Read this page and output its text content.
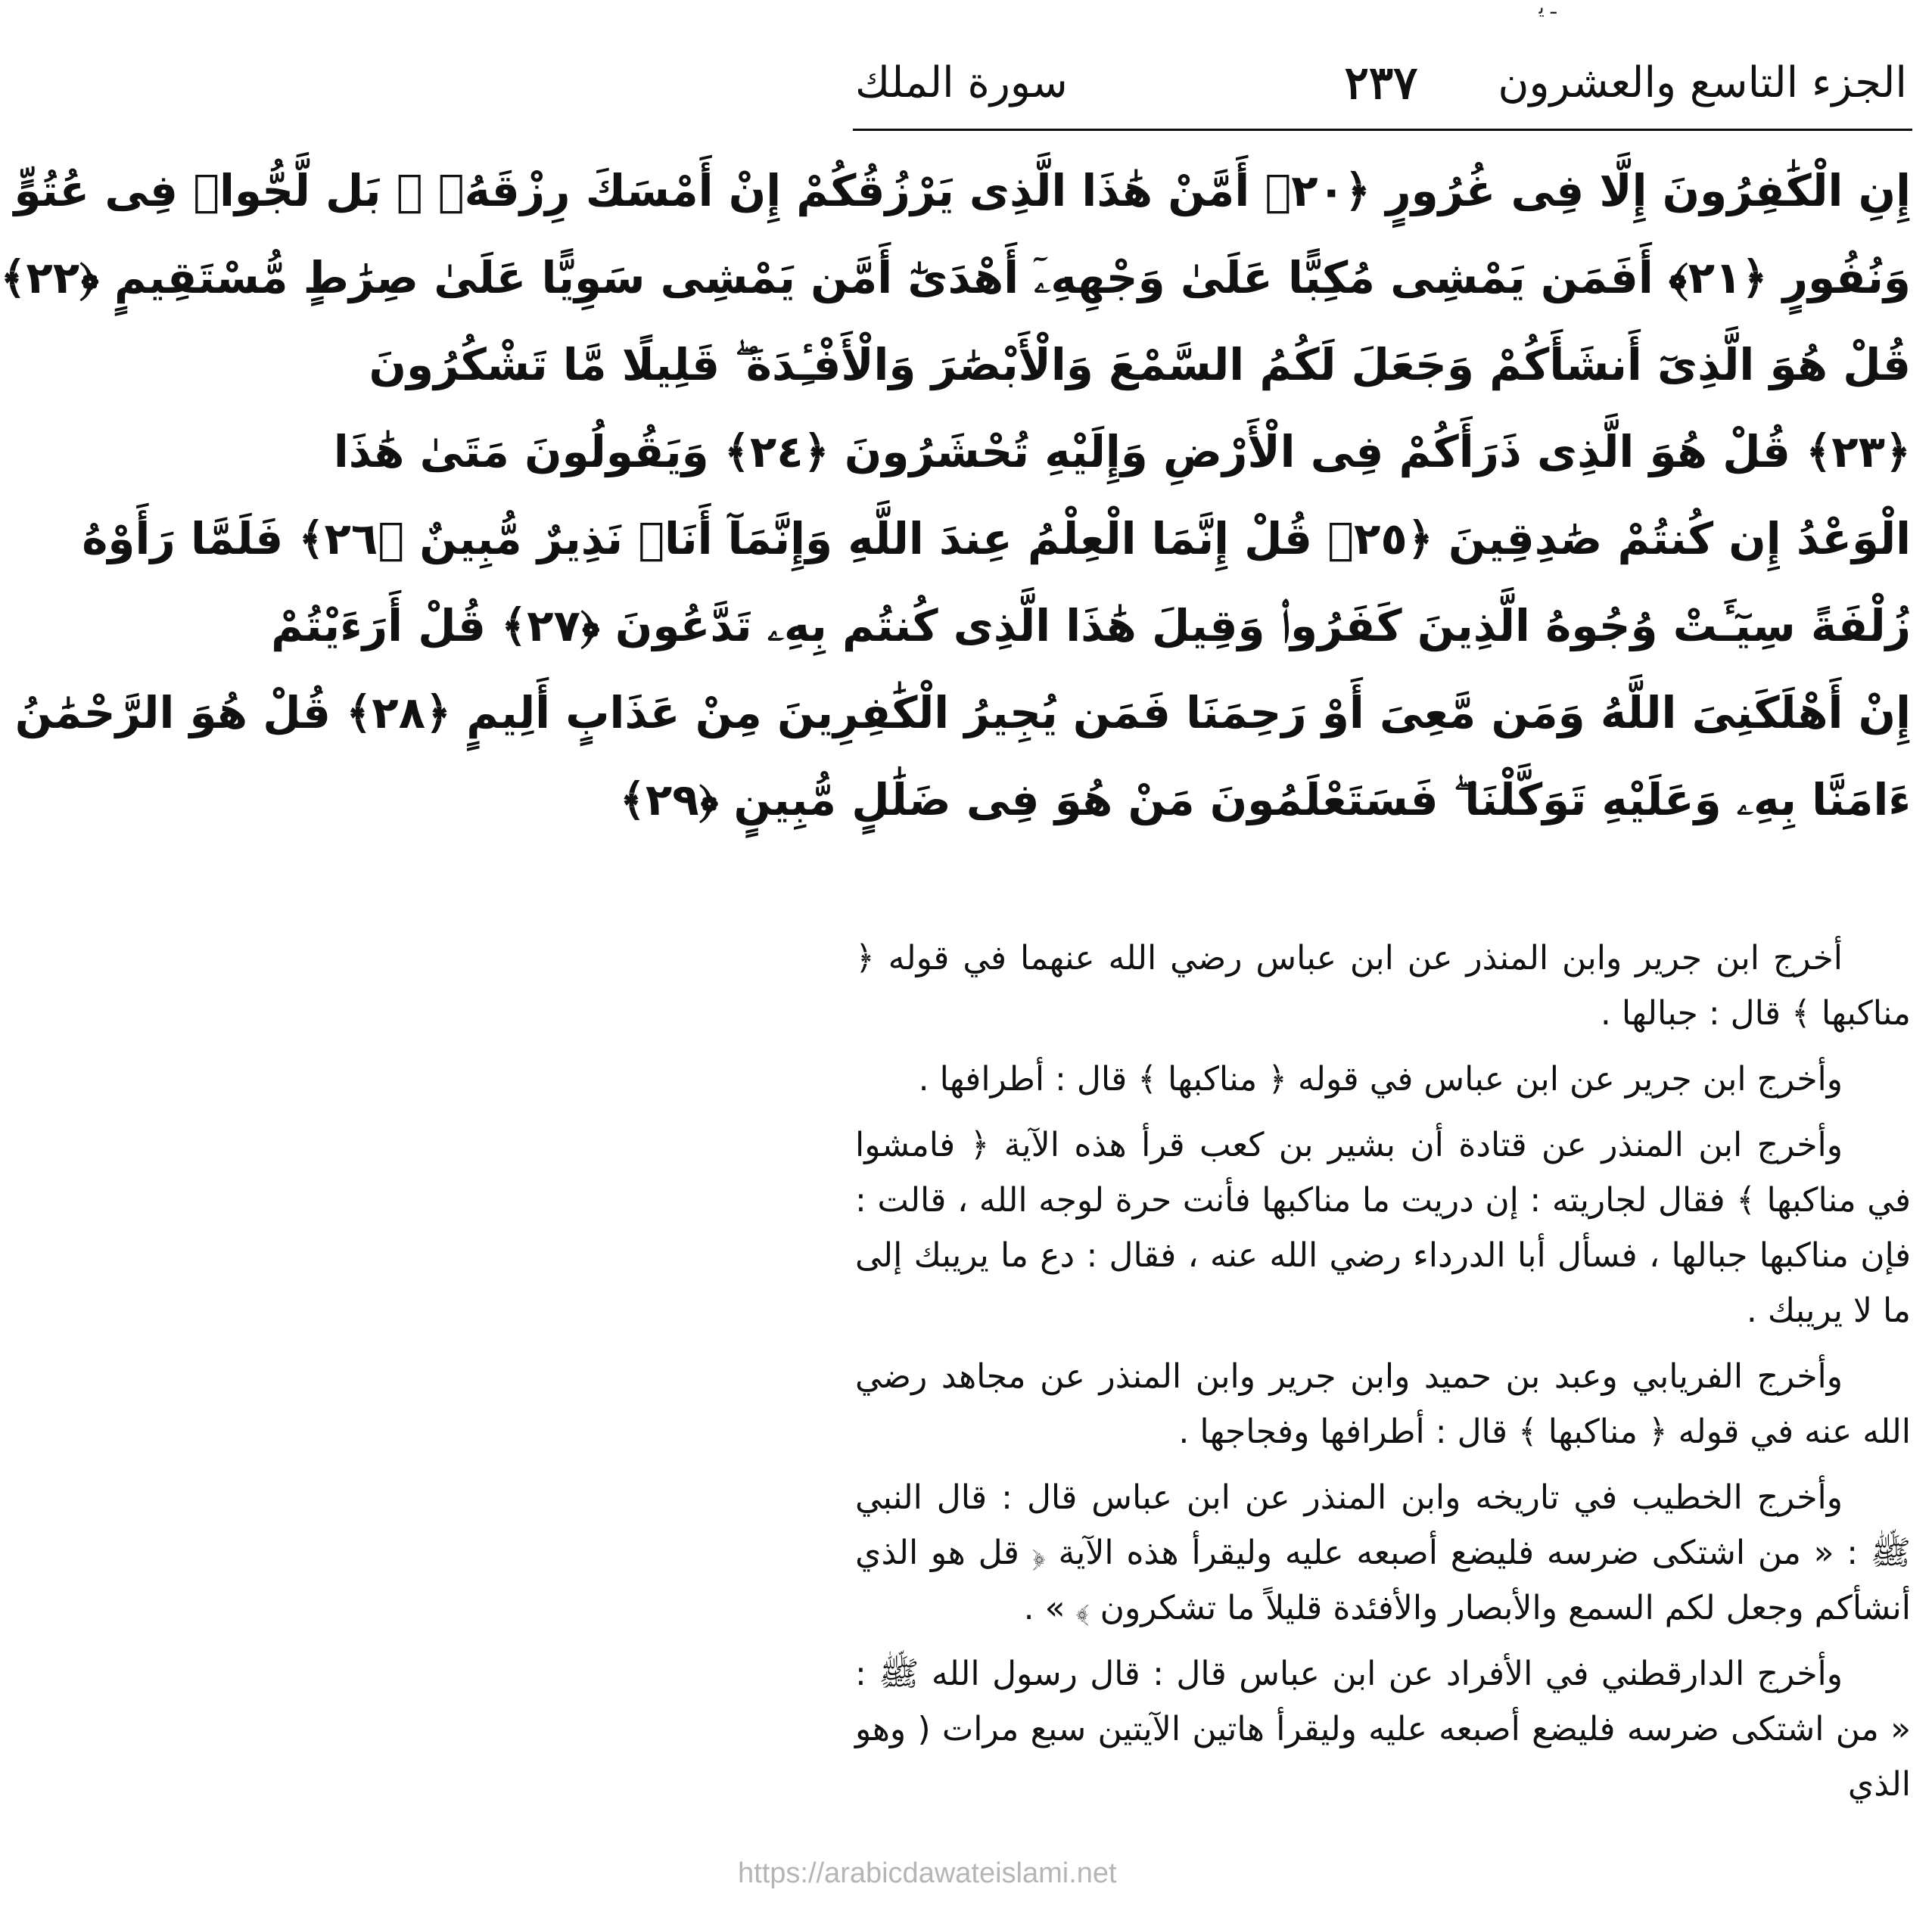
ـ ﯾ
الجزء التاسع والعشرون
٢٣٧
سورة الملك
إِنِ الْكَٰفِرُونَ إِلَّا فِى غُرُورٍ ﴿٢٠﴾ أَمَّنْ هَٰذَا الَّذِى يَرْزُقُكُمْ إِنْ أَمْسَكَ رِزْقَهُۥ ۚ بَل لَّجُّوا۟ فِى عُتُوٍّ
وَنُفُورٍ ﴿٢١﴾ أَفَمَن يَمْشِى مُكِبًّا عَلَىٰ وَجْهِهِۦٓ أَهْدَىٰٓ أَمَّن يَمْشِى سَوِيًّا عَلَىٰ صِرَٰطٍ مُّسْتَقِيمٍ ﴿٢٢﴾
قُلْ هُوَ الَّذِىٓ أَنشَأَكُمْ وَجَعَلَ لَكُمُ السَّمْعَ وَالْأَبْصَٰرَ وَالْأَفْـِٔدَةَ ۖ قَلِيلًا مَّا تَشْكُرُونَ
﴿٢٣﴾ قُلْ هُوَ الَّذِى ذَرَأَكُمْ فِى الْأَرْضِ وَإِلَيْهِ تُحْشَرُونَ ﴿٢٤﴾ وَيَقُولُونَ مَتَىٰ هَٰذَا
الْوَعْدُ إِن كُنتُمْ صَٰدِقِينَ ﴿٢٥﴾ قُلْ إِنَّمَا الْعِلْمُ عِندَ اللَّهِ وَإِنَّمَآ أَنَا۠ نَذِيرٌ مُّبِينٌ ﴿٢٦﴾ فَلَمَّا رَأَوْهُ
زُلْفَةً سِيٓـَٔتْ وُجُوهُ الَّذِينَ كَفَرُوا۟ وَقِيلَ هَٰذَا الَّذِى كُنتُم بِهِۦ تَدَّعُونَ ﴿٢٧﴾ قُلْ أَرَءَيْتُمْ
إِنْ أَهْلَكَنِىَ اللَّهُ وَمَن مَّعِىَ أَوْ رَحِمَنَا فَمَن يُجِيرُ الْكَٰفِرِينَ مِنْ عَذَابٍ أَلِيمٍ ﴿٢٨﴾ قُلْ هُوَ الرَّحْمَٰنُ
ءَامَنَّا بِهِۦ وَعَلَيْهِ تَوَكَّلْنَا ۖ فَسَتَعْلَمُونَ مَنْ هُوَ فِى ضَلَٰلٍ مُّبِينٍ ﴿٢٩﴾

أخرج ابن جرير وابن المنذر عن ابن عباس رضي الله عنهما في قوله ﴿ مناكبها ﴾ قال : جبالها .

وأخرج ابن جرير عن ابن عباس في قوله ﴿ مناكبها ﴾ قال : أطرافها .

وأخرج ابن المنذر عن قتادة أن بشير بن كعب قرأ هذه الآية ﴿ فامشوا في مناكبها ﴾ فقال لجاريته : إن دريت ما مناكبها فأنت حرة لوجه الله ، قالت : فإن مناكبها جبالها ، فسأل أبا الدرداء رضي الله عنه ، فقال : دع ما يريبك إلى ما لا يريبك .

وأخرج الفريابي وعبد بن حميد وابن جرير وابن المنذر عن مجاهد رضي الله عنه في قوله ﴿ مناكبها ﴾ قال : أطرافها وفجاجها .

وأخرج الخطيب في تاريخه وابن المنذر عن ابن عباس قال : قال النبي ﷺ : « من اشتكى ضرسه فليضع أصبعه عليه وليقرأ هذه الآية ﴿ قل هو الذي أنشأكم وجعل لكم السمع والأبصار والأفئدة قليلاً ما تشكرون ﴾ » .

وأخرج الدارقطني في الأفراد عن ابن عباس قال : قال رسول الله ﷺ : « من اشتكى ضرسه فليضع أصبعه عليه وليقرأ هاتين الآيتين سبع مرات ( وهو الذي

https://arabicdawateislami.net
